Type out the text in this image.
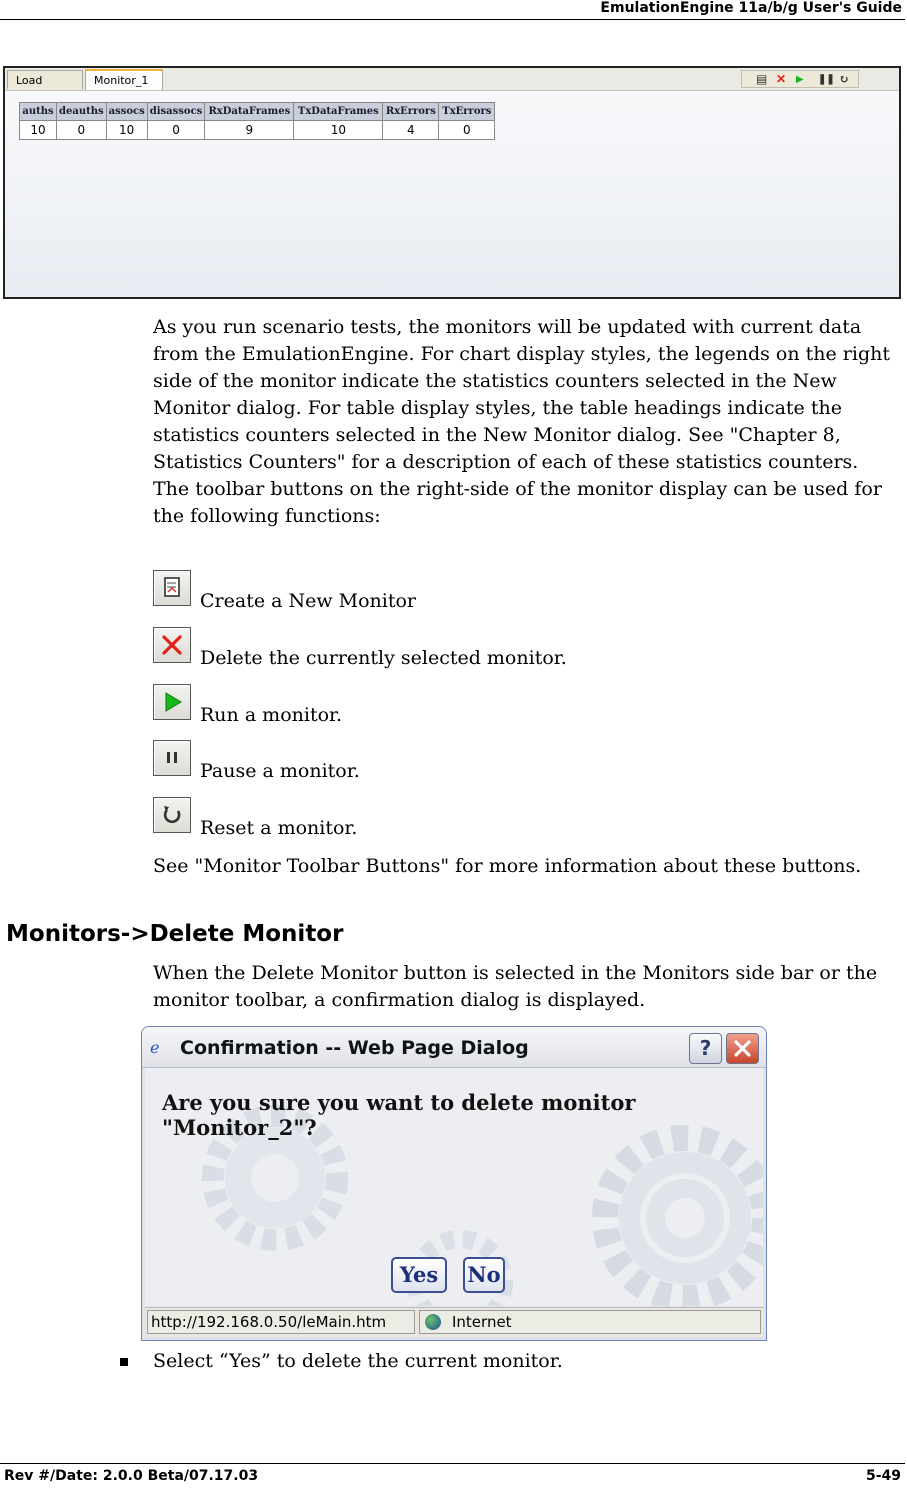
EmulationEngine 11a/b/g User's Guide
Load	Monitor_1	▤ ✕ ▶ ❚❚ ↻
auths	deauths	assocs	disassocs	RxDataFrames	TxDataFrames	RxErrors	TxErrors
10	0	10	0	9	10	4	0
As you run scenario tests, the monitors will be updated with current data from the EmulationEngine. For chart display styles, the legends on the right side of the monitor indicate the statistics counters selected in the New Monitor dialog. For table display styles, the table headings indicate the statistics counters selected in the New Monitor dialog. See "Chapter 8, Statistics Counters" for a description of each of these statistics counters. The toolbar buttons on the right-side of the monitor display can be used for the following functions:
Create a New Monitor
Delete the currently selected monitor.
Run a monitor.
Pause a monitor.
Reset a monitor.
See "Monitor Toolbar Buttons" for more information about these buttons.
Monitors->Delete Monitor
When the Delete Monitor button is selected in the Monitors side bar or the monitor toolbar, a confirmation dialog is displayed.
ℯ Confirmation -- Web Page Dialog	?
Are you sure you want to delete monitor "Monitor_2"?
Yes	No
http://192.168.0.50/leMain.htm	Internet
Select “Yes” to delete the current monitor.
Rev #/Date: 2.0.0 Beta/07.17.03	5-49
